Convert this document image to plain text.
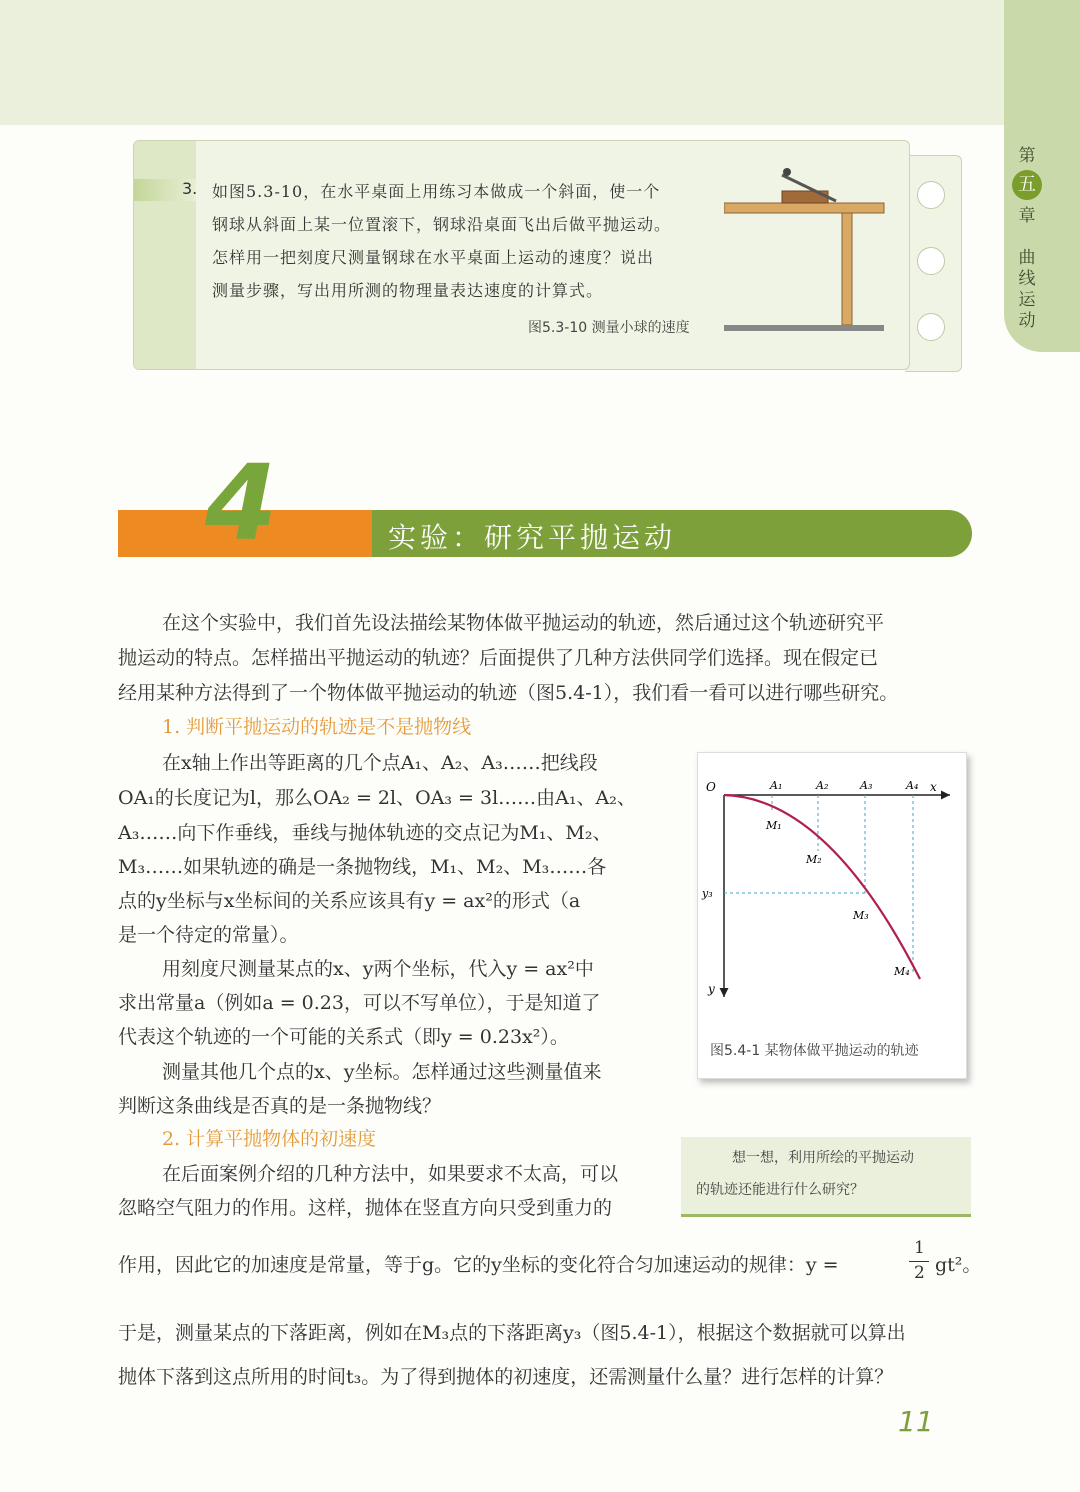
第
五
章
曲线运动
3. 如图5.3-10，在水平桌面上用练习本做成一个斜面，使一个
钢球从斜面上某一位置滚下，钢球沿桌面飞出后做平抛运动。
怎样用一把刻度尺测量钢球在水平桌面上运动的速度？说出
测量步骤，写出用所测的物理量表达速度的计算式。
图5.3-10 测量小球的速度
4	实验：研究平抛运动
在这个实验中，我们首先设法描绘某物体做平抛运动的轨迹，然后通过这个轨迹研究平
抛运动的特点。怎样描出平抛运动的轨迹？后面提供了几种方法供同学们选择。现在假定已
经用某种方法得到了一个物体做平抛运动的轨迹（图5.4-1），我们看一看可以进行哪些研究。
1. 判断平抛运动的轨迹是不是抛物线
在x轴上作出等距离的几个点A₁、A₂、A₃……把线段
OA₁的长度记为l，那么OA₂ = 2l、OA₃ = 3l……由A₁、A₂、
A₃……向下作垂线，垂线与抛体轨迹的交点记为M₁、M₂、
M₃……如果轨迹的确是一条抛物线，M₁、M₂、M₃……各
点的y坐标与x坐标间的关系应该具有y = ax²的形式（a
是一个待定的常量）。
用刻度尺测量某点的x、y两个坐标，代入y = ax²中
求出常量a（例如a = 0.23，可以不写单位），于是知道了
代表这个轨迹的一个可能的关系式（即y = 0.23x²）。
测量其他几个点的x、y坐标。怎样通过这些测量值来
判断这条曲线是否真的是一条抛物线？
2. 计算平抛物体的初速度
在后面案例介绍的几种方法中，如果要求不太高，可以
忽略空气阻力的作用。这样，抛体在竖直方向只受到重力的
作用，因此它的加速度是常量，等于g。它的y坐标的变化符合匀加速运动的规律：y =
1
2 gt²。
于是，测量某点的下落距离，例如在M₃点的下落距离y₃（图5.4-1），根据这个数据就可以算出
抛体下落到这点所用的时间t₃。为了得到抛体的初速度，还需测量什么量？进行怎样的计算？
O	x
y
y₃
A₁	A₂	A₃	A₄
M₁
M₂
M₃
M₄
图5.4-1 某物体做平抛运动的轨迹
想一想，利用所绘的平抛运动
的轨迹还能进行什么研究？
11
